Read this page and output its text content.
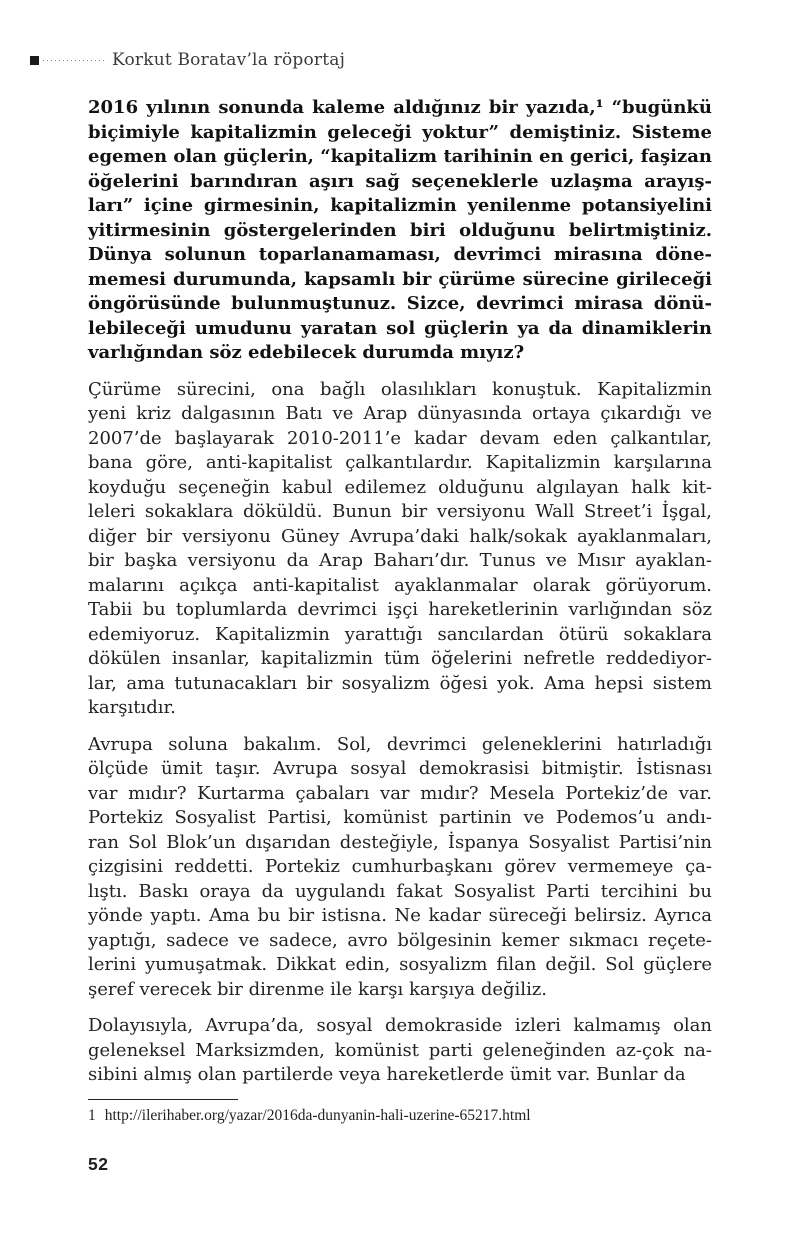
Korkut Boratav’la röportaj
2016 yılının sonunda kaleme aldığınız bir yazıda,¹ “bugünkü
biçimiyle kapitalizmin geleceği yoktur” demiştiniz. Sisteme
egemen olan güçlerin, “kapitalizm tarihinin en gerici, faşizan
öğelerini barındıran aşırı sağ seçeneklerle uzlaşma arayış-
ları” içine girmesinin, kapitalizmin yenilenme potansiyelini
yitirmesinin göstergelerinden biri olduğunu belirtmiştiniz.
Dünya solunun toparlanamaması, devrimci mirasına döne-
memesi durumunda, kapsamlı bir çürüme sürecine girileceği
öngörüsünde bulunmuştunuz. Sizce, devrimci mirasa dönü-
lebileceği umudunu yaratan sol güçlerin ya da dinamiklerin
varlığından söz edebilecek durumda mıyız?
Çürüme sürecini, ona bağlı olasılıkları konuştuk. Kapitalizmin
yeni kriz dalgasının Batı ve Arap dünyasında ortaya çıkardığı ve
2007’de başlayarak 2010-2011’e kadar devam eden çalkantılar,
bana göre, anti-kapitalist çalkantılardır. Kapitalizmin karşılarına
koyduğu seçeneğin kabul edilemez olduğunu algılayan halk kit-
leleri sokaklara döküldü. Bunun bir versiyonu Wall Street’i İşgal,
diğer bir versiyonu Güney Avrupa’daki halk/sokak ayaklanmaları,
bir başka versiyonu da Arap Baharı’dır. Tunus ve Mısır ayaklan-
malarını açıkça anti-kapitalist ayaklanmalar olarak görüyorum.
Tabii bu toplumlarda devrimci işçi hareketlerinin varlığından söz
edemiyoruz. Kapitalizmin yarattığı sancılardan ötürü sokaklara
dökülen insanlar, kapitalizmin tüm öğelerini nefretle reddediyor-
lar, ama tutunacakları bir sosyalizm öğesi yok. Ama hepsi sistem
karşıtıdır.
Avrupa soluna bakalım. Sol, devrimci geleneklerini hatırladığı
ölçüde ümit taşır. Avrupa sosyal demokrasisi bitmiştir. İstisnası
var mıdır? Kurtarma çabaları var mıdır? Mesela Portekiz’de var.
Portekiz Sosyalist Partisi, komünist partinin ve Podemos’u andı-
ran Sol Blok’un dışarıdan desteğiyle, İspanya Sosyalist Partisi’nin
çizgisini reddetti. Portekiz cumhurbaşkanı görev vermemeye ça-
lıştı. Baskı oraya da uygulandı fakat Sosyalist Parti tercihini bu
yönde yaptı. Ama bu bir istisna. Ne kadar süreceği belirsiz. Ayrıca
yaptığı, sadece ve sadece, avro bölgesinin kemer sıkmacı reçete-
lerini yumuşatmak. Dikkat edin, sosyalizm filan değil. Sol güçlere
şeref verecek bir direnme ile karşı karşıya değiliz.
Dolayısıyla, Avrupa’da, sosyal demokraside izleri kalmamış olan
geleneksel Marksizmden, komünist parti geleneğinden az-çok na-
sibini almış olan partilerde veya hareketlerde ümit var. Bunlar da
1 http://ilerihaber.org/yazar/2016da-dunyanin-hali-uzerine-65217.html
52
